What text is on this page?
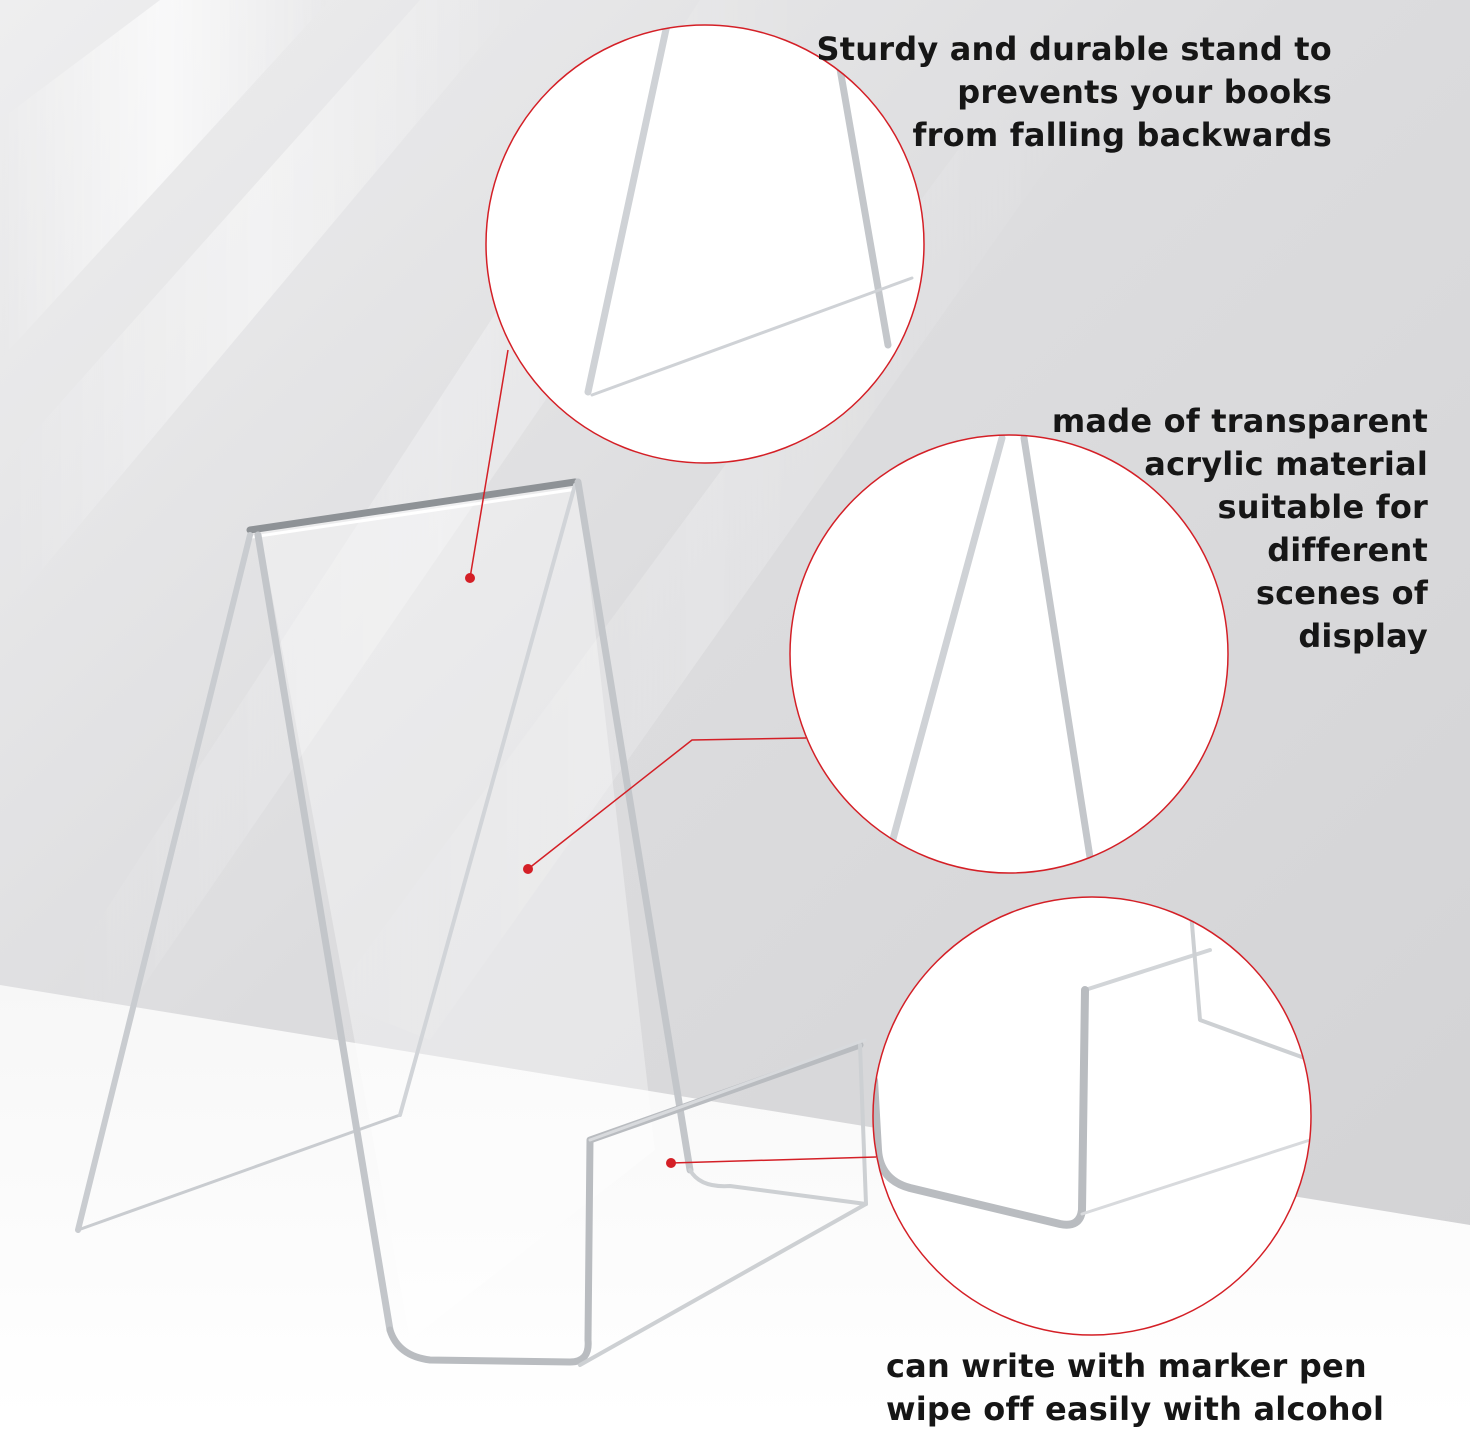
Sturdy and durable stand to
prevents your books
from falling backwards

made of transparent
acrylic material
suitable for
different
scenes of
display

can write with marker pen
wipe off easily with alcohol
